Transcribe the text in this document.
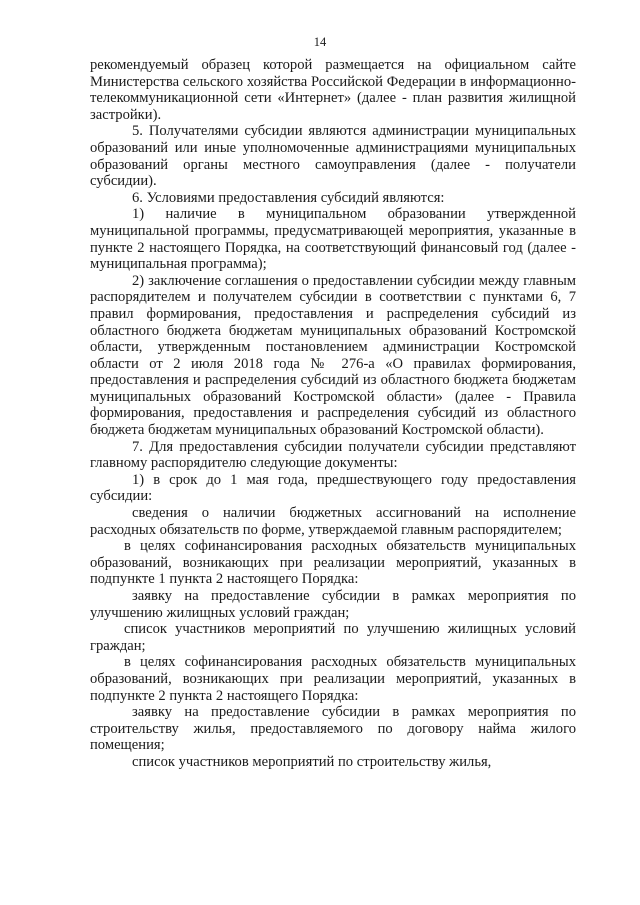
14

рекомендуемый образец которой размещается на официальном сайте Министерства сельского хозяйства Российской Федерации в информационно-телекоммуникационной сети «Интернет» (далее - план развития жилищной застройки).

5. Получателями субсидии являются администрации муниципальных образований или иные уполномоченные администрациями муниципальных образований органы местного самоуправления (далее - получатели субсидии).

6. Условиями предоставления субсидий являются:

1) наличие в муниципальном образовании утвержденной муниципальной программы, предусматривающей мероприятия, указанные в пункте 2 настоящего Порядка, на соответствующий финансовый год (далее - муниципальная программа);

2) заключение соглашения о предоставлении субсидии между главным распорядителем и получателем субсидии в соответствии с пунктами 6, 7 правил формирования, предоставления и распределения субсидий из областного бюджета бюджетам муниципальных образований Костромской области, утвержденным постановлением администрации Костромской области от 2 июля 2018 года № 276-а «О правилах формирования, предоставления и распределения субсидий из областного бюджета бюджетам муниципальных образований Костромской области» (далее - Правила формирования, предоставления и распределения субсидий из областного бюджета бюджетам муниципальных образований Костромской области).

7. Для предоставления субсидии получатели субсидии представляют главному распорядителю следующие документы:

1) в срок до 1 мая года, предшествующего году предоставления субсидии:

сведения о наличии бюджетных ассигнований на исполнение расходных обязательств по форме, утверждаемой главным распорядителем;

в целях софинансирования расходных обязательств муниципальных образований, возникающих при реализации мероприятий, указанных в подпункте 1 пункта 2 настоящего Порядка:

заявку на предоставление субсидии в рамках мероприятия по улучшению жилищных условий граждан;

список участников мероприятий по улучшению жилищных условий граждан;

в целях софинансирования расходных обязательств муниципальных образований, возникающих при реализации мероприятий, указанных в подпункте 2 пункта 2 настоящего Порядка:

заявку на предоставление субсидии в рамках мероприятия по строительству жилья, предоставляемого по договору найма жилого помещения;

список участников мероприятий по строительству жилья,
